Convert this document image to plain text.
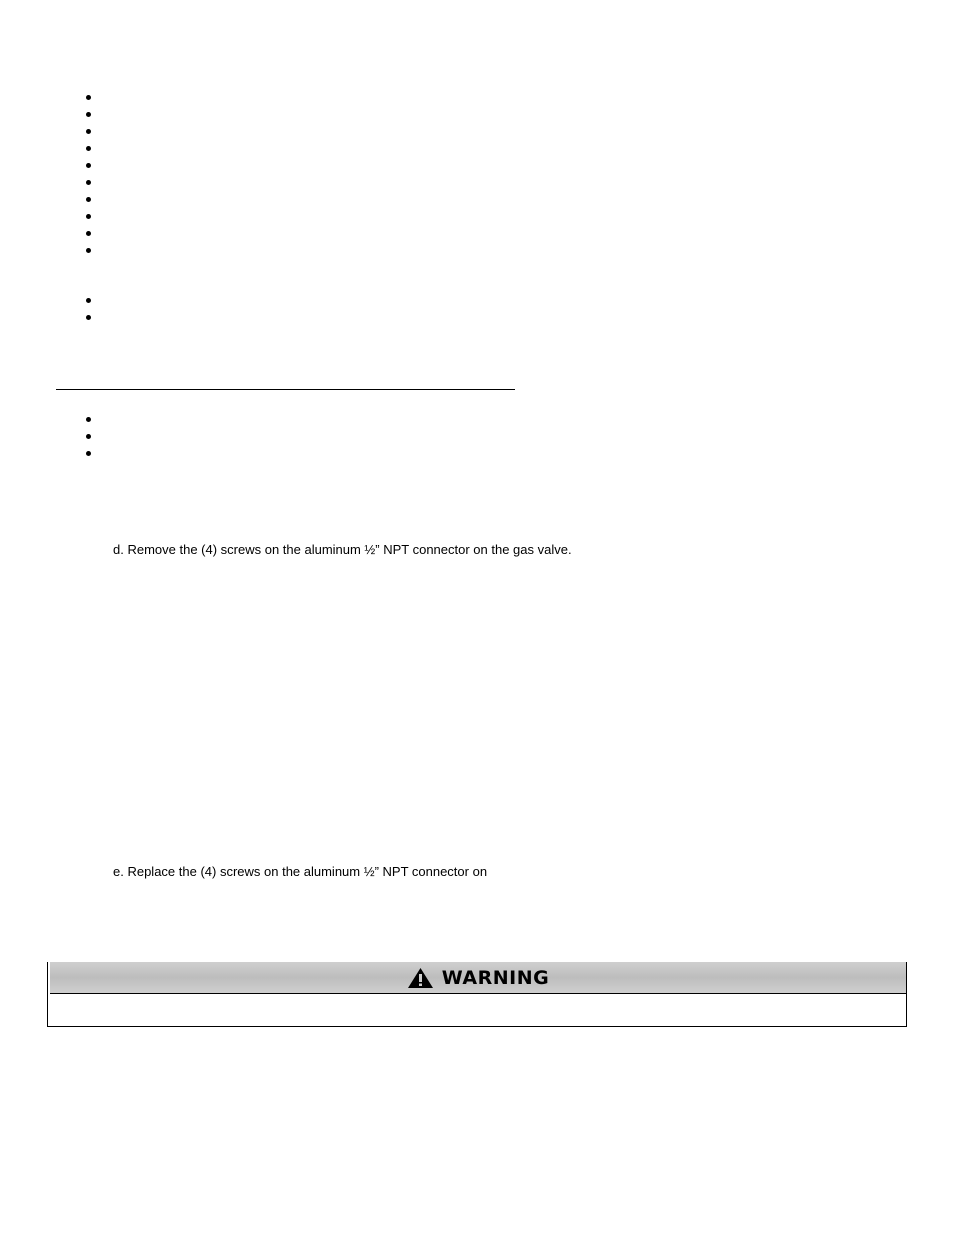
d. Remove the (4) screws on the aluminum ½” NPT connector on the gas valve.
e. Replace the (4) screws on the aluminum ½” NPT connector on
WARNING
